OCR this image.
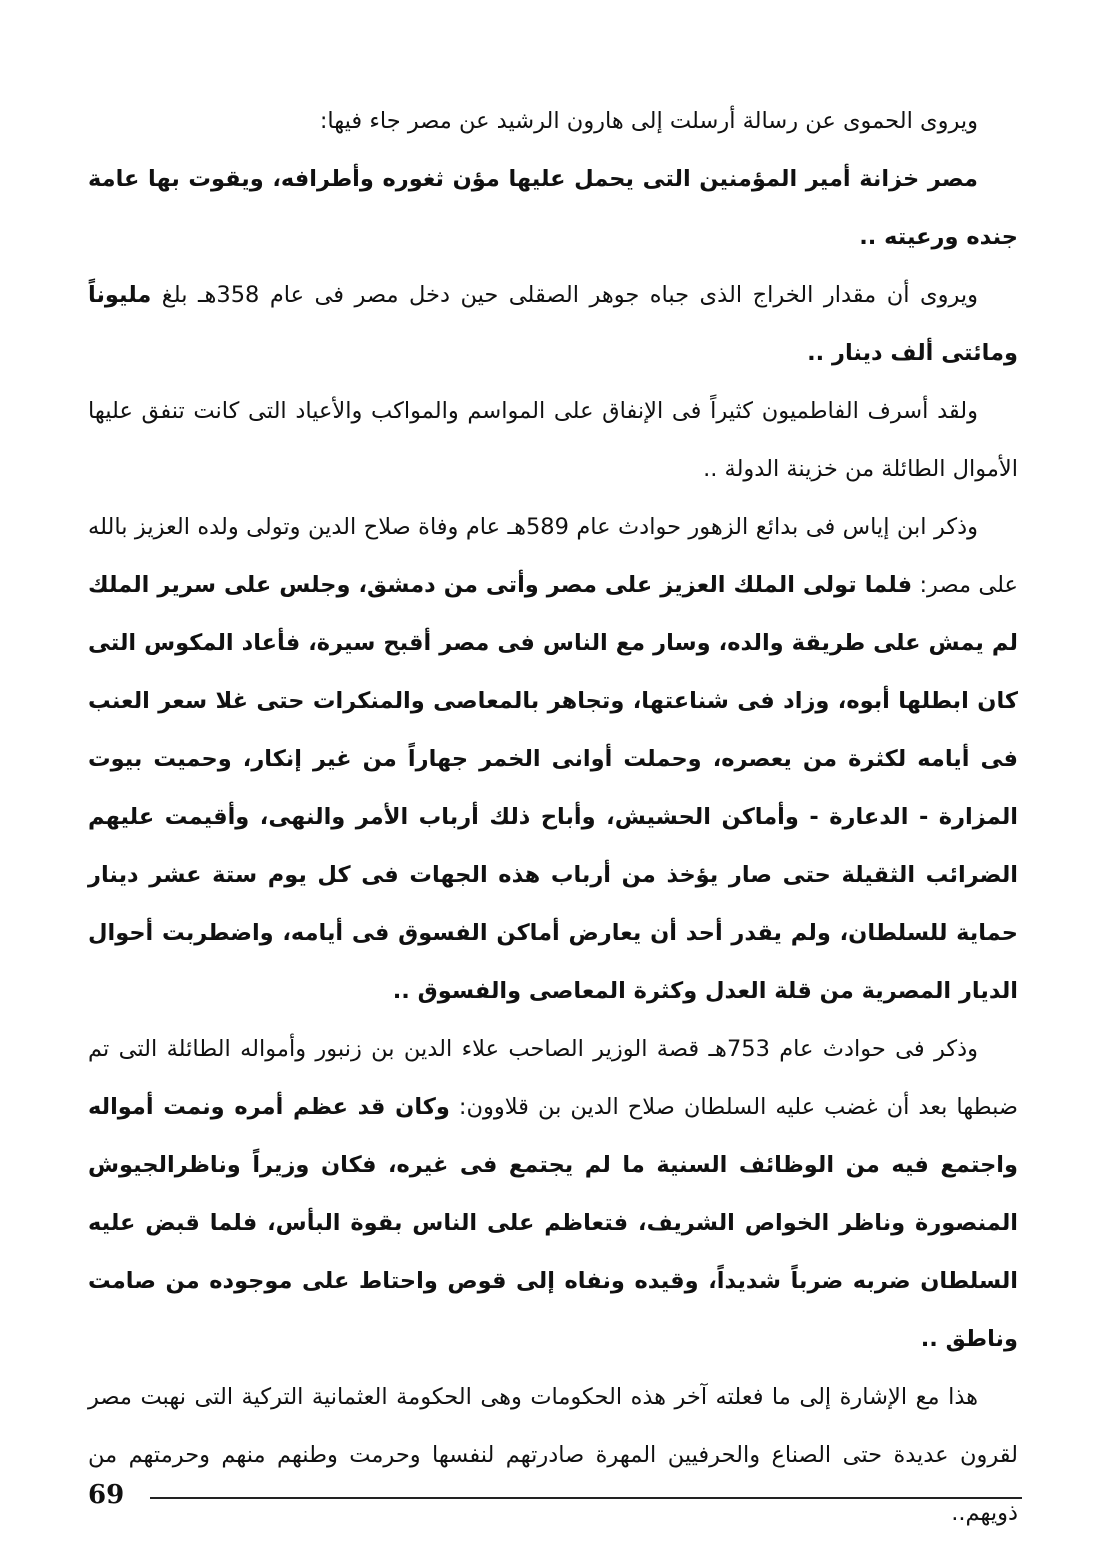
ويروى الحموى عن رسالة أرسلت إلى هارون الرشيد عن مصر جاء فيها:

مصر خزانة أمير المؤمنين التى يحمل عليها مؤن ثغوره وأطرافه، ويقوت بها عامة جنده ورعيته ..

ويروى أن مقدار الخراج الذى جباه جوهر الصقلى حين دخل مصر فى عام 358هـ بلغ مليوناً ومائتى ألف دينار ..

ولقد أسرف الفاطميون كثيراً فى الإنفاق على المواسم والمواكب والأعياد التى كانت تنفق عليها الأموال الطائلة من خزينة الدولة ..

وذكر ابن إياس فى بدائع الزهور حوادث عام 589هـ عام وفاة صلاح الدين وتولى ولده العزيز بالله على مصر: فلما تولى الملك العزيز على مصر وأتى من دمشق، وجلس على سرير الملك لم يمش على طريقة والده، وسار مع الناس فى مصر أقبح سيرة، فأعاد المكوس التى كان ابطلها أبوه، وزاد فى شناعتها، وتجاهر بالمعاصى والمنكرات حتى غلا سعر العنب فى أيامه لكثرة من يعصره، وحملت أوانى الخمر جهاراً من غير إنكار، وحميت بيوت المزارة - الدعارة - وأماكن الحشيش، وأباح ذلك أرباب الأمر والنهى، وأقيمت عليهم الضرائب الثقيلة حتى صار يؤخذ من أرباب هذه الجهات فى كل يوم ستة عشر دينار حماية للسلطان، ولم يقدر أحد أن يعارض أماكن الفسوق فى أيامه، واضطربت أحوال الديار المصرية من قلة العدل وكثرة المعاصى والفسوق ..

وذكر فى حوادث عام 753هـ قصة الوزير الصاحب علاء الدين بن زنبور وأمواله الطائلة التى تم ضبطها بعد أن غضب عليه السلطان صلاح الدين بن قلاوون: وكان قد عظم أمره ونمت أمواله واجتمع فيه من الوظائف السنية ما لم يجتمع فى غيره، فكان وزيراً وناظرالجيوش المنصورة وناظر الخواص الشريف، فتعاظم على الناس بقوة البأس، فلما قبض عليه السلطان ضربه ضرباً شديداً، وقيده ونفاه إلى قوص واحتاط على موجوده من صامت وناطق ..

هذا مع الإشارة إلى ما فعلته آخر هذه الحكومات وهى الحكومة العثمانية التركية التى نهبت مصر لقرون عديدة حتى الصناع والحرفيين المهرة صادرتهم لنفسها وحرمت وطنهم منهم وحرمتهم من ذويهم..

69
